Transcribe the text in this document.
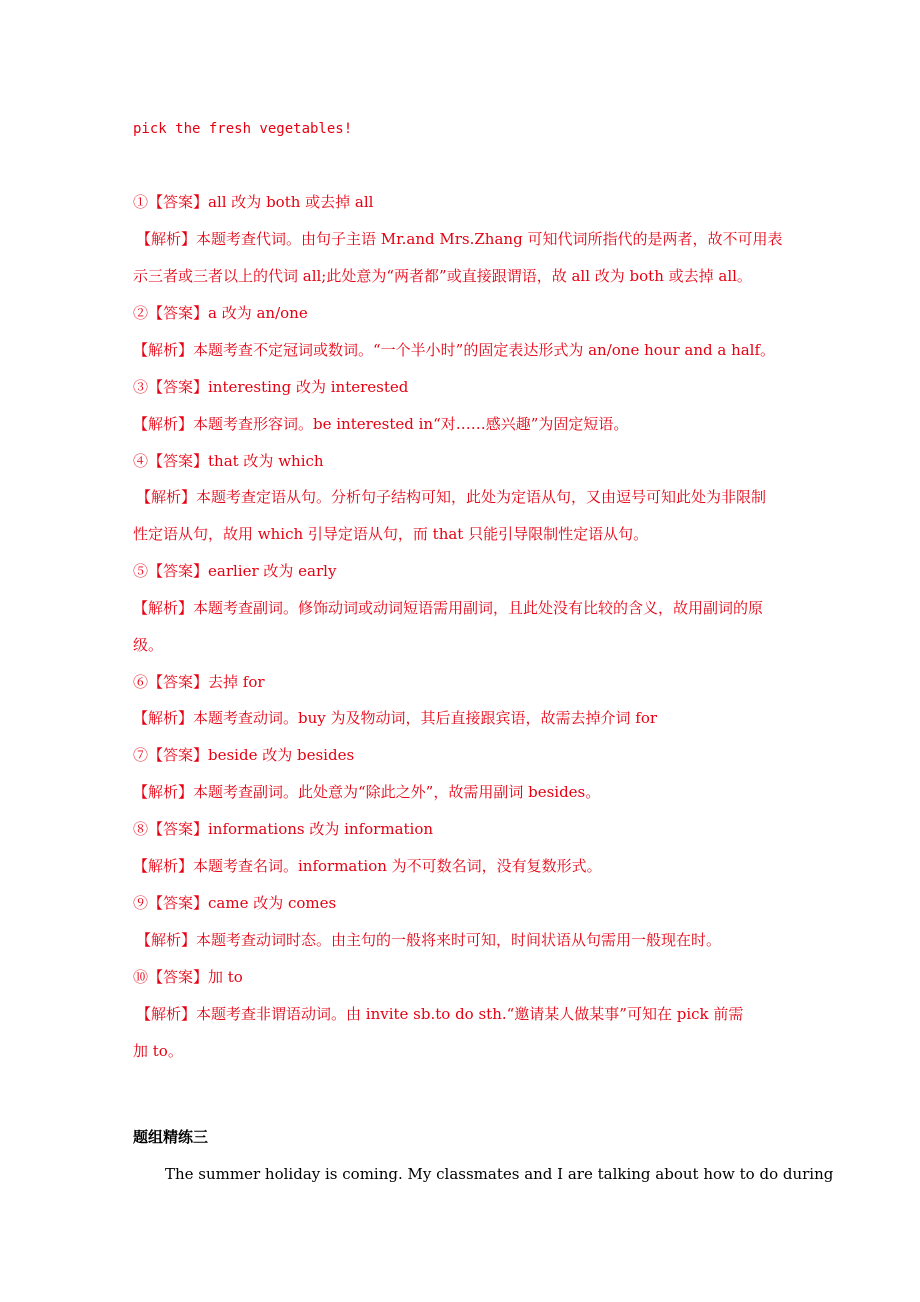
pick the fresh vegetables!
①【答案】all 改为 both 或去掉 all
【解析】本题考查代词。由句子主语 Mr.and Mrs.Zhang 可知代词所指代的是两者，故不可用表
示三者或三者以上的代词 all;此处意为“两者都”或直接跟谓语，故 all 改为 both 或去掉 all。
②【答案】a 改为 an/one
【解析】本题考查不定冠词或数词。“一个半小时”的固定表达形式为 an/one hour and a half。
③【答案】interesting 改为 interested
【解析】本题考查形容词。be interested in“对……感兴趣”为固定短语。
④【答案】that 改为 which
【解析】本题考查定语从句。分析句子结构可知，此处为定语从句，又由逗号可知此处为非限制
性定语从句，故用 which 引导定语从句，而 that 只能引导限制性定语从句。
⑤【答案】earlier 改为 early
【解析】本题考查副词。修饰动词或动词短语需用副词，且此处没有比较的含义，故用副词的原
级。
⑥【答案】去掉 for
【解析】本题考查动词。buy 为及物动词，其后直接跟宾语，故需去掉介词 for
⑦【答案】beside 改为 besides
【解析】本题考查副词。此处意为“除此之外”，故需用副词 besides。
⑧【答案】informations 改为 information
【解析】本题考查名词。information 为不可数名词，没有复数形式。
⑨【答案】came 改为 comes
【解析】本题考查动词时态。由主句的一般将来时可知，时间状语从句需用一般现在时。
⑩【答案】加 to
【解析】本题考查非谓语动词。由 invite sb.to do sth.“邀请某人做某事”可知在 pick 前需
加 to。
题组精练三
The summer holiday is coming. My classmates and I are talking about how to do during
